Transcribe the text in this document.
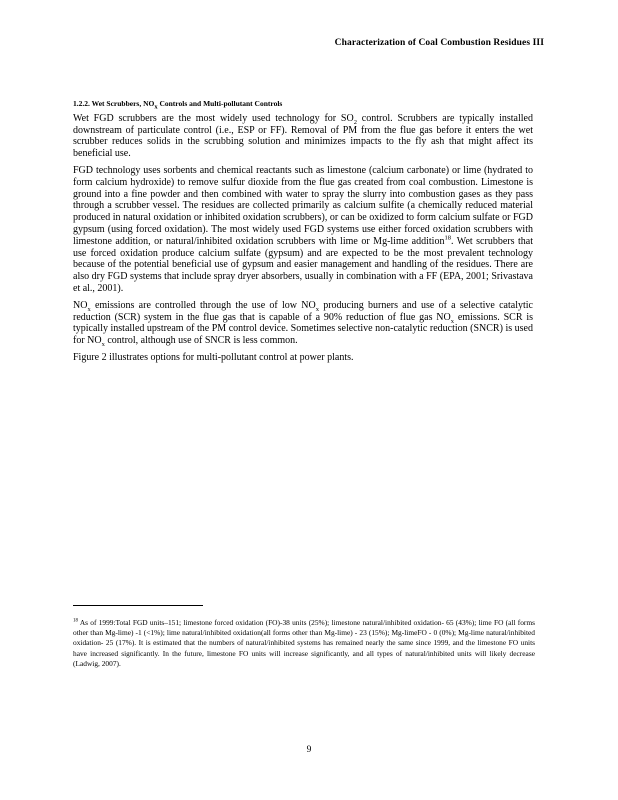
Characterization of Coal Combustion Residues III
1.2.2. Wet Scrubbers, $NO_x$ Controls and Multi-pollutant Controls

Wet FGD scrubbers are the most widely used technology for $SO_2$ control. Scrubbers are typically installed downstream of particulate control (i.e., ESP or FF). Removal of PM from the flue gas before it enters the wet scrubber reduces solids in the scrubbing solution and minimizes impacts to the fly ash that might affect its beneficial use.

FGD technology uses sorbents and chemical reactants such as limestone (calcium carbonate) or lime (hydrated to form calcium hydroxide) to remove sulfur dioxide from the flue gas created from coal combustion. Limestone is ground into a fine powder and then combined with water to spray the slurry into combustion gases as they pass through a scrubber vessel. The residues are collected primarily as calcium sulfite (a chemically reduced material produced in natural oxidation or inhibited oxidation scrubbers), or can be oxidized to form calcium sulfate or FGD gypsum (using forced oxidation). The most widely used FGD systems use either forced oxidation scrubbers with limestone addition, or natural/inhibited oxidation scrubbers with lime or Mg-lime addition$^{18}$. Wet scrubbers that use forced oxidation produce calcium sulfate (gypsum) and are expected to be the most prevalent technology because of the potential beneficial use of gypsum and easier management and handling of the residues. There are also dry FGD systems that include spray dryer absorbers, usually in combination with a FF (EPA, 2001; Srivastava et al., 2001).

$NO_x$ emissions are controlled through the use of low $NO_x$ producing burners and use of a selective catalytic reduction (SCR) system in the flue gas that is capable of a 90% reduction of flue gas $NO_x$ emissions. SCR is typically installed upstream of the PM control device. Sometimes selective non-catalytic reduction (SNCR) is used for $NO_x$ control, although use of SNCR is less common.

Figure 2 illustrates options for multi-pollutant control at power plants.

$^{18}$ As of 1999:Total FGD units–151; limestone forced oxidation (FO)-38 units (25%); limestone natural/inhibited oxidation- 65 (43%); lime FO (all forms other than Mg-lime) -1 (<1%); lime natural/inhibited oxidation(all forms other than Mg-lime) - 23 (15%); Mg-limeFO - 0 (0%); Mg-lime natural/inhibited oxidation- 25 (17%). It is estimated that the numbers of natural/inhibited systems has remained nearly the same since 1999, and the limestone FO units have increased significantly. In the future, limestone FO units will increase significantly, and all types of natural/inhibited units will likely decrease (Ladwig, 2007).
9
